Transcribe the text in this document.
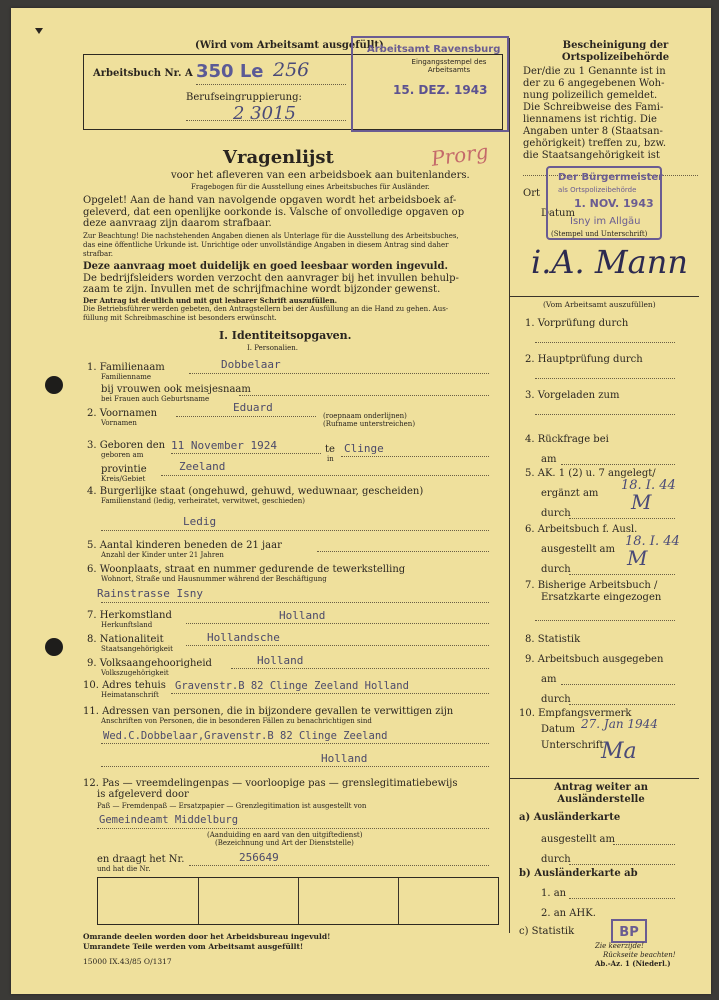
(Wird vom Arbeitsamt ausgefüllt)
Arbeitsbuch Nr. A 350 Le 256
Berufseingruppierung:
2 3015
Arbeitsamt Ravensburg
Eingangsstempel des Arbeitsamts
15. DEZ. 1943
Bescheinigung der Ortspolizeibehörde
Der/die zu 1 Genannte ist in
der zu 6 angegebenen Woh-
nung polizeilich gemeldet.
Die Schreibweise des Fami-
liennamens ist richtig. Die
Angaben unter 8 (Staatsan-
gehörigkeit) treffen zu, bzw.
die Staatsangehörigkeit ist
Ort
Datum
Der Bürgermeister
als Ortspolizeibehörde
1. NOV. 1943
Isny im Allgäu
(Stempel und Unterschrift)
i.A. Mann
Vragenlijst
voor het afleveren van een arbeidsboek aan buitenlanders.
Fragebogen für die Ausstellung eines Arbeitsbuches für Ausländer.
Prorg
Opgelet! Aan de hand van navolgende opgaven wordt het arbeidsboek af-
geleverd, dat een openlijke oorkonde is. Valsche of onvolledige opgaven op
deze aanvraag zijn daarom strafbaar.
Zur Beachtung! Die nachstehenden Angaben dienen als Unterlage für die Ausstellung des Arbeitsbuches,
das eine öffentliche Urkunde ist. Unrichtige oder unvollständige Angaben in diesem Antrag sind daher
strafbar.
Deze aanvraag moet duidelijk en goed leesbaar worden ingevuld.
De bedrijfsleiders worden verzocht den aanvrager bij het invullen behulp-
zaam te zijn. Invullen met de schrijfmachine wordt bijzonder gewenst.
Der Antrag ist deutlich und mit gut lesbarer Schrift auszufüllen.
Die Betriebsführer werden gebeten, den Antragstellern bei der Ausfüllung an die Hand zu gehen. Aus-
füllung mit Schreibmaschine ist besonders erwünscht.
I. Identiteitsopgaven.
I. Personalien.
1. Familienaam
Familienname
Dobbelaar
bij vrouwen ook meisjesnaam
bei Frauen auch Geburtsname
2. Voornamen
Vornamen
Eduard
(roepnaam onderlijnen)
(Rufname unterstreichen)
3. Geboren den
geboren am
11 November 1924	te
in
Clinge
provintie
Kreis/Gebiet
Zeeland
4. Burgerlijke staat (ongehuwd, gehuwd, weduwnaar, gescheiden)
Familienstand (ledig, verheiratet, verwitwet, geschieden)
Ledig
5. Aantal kinderen beneden de 21 jaar
Anzahl der Kinder unter 21 Jahren
6. Woonplaats, straat en nummer gedurende de tewerkstelling
Wohnort, Straße und Hausnummer während der Beschäftigung
Rainstrasse Isny
7. Herkomstland
Herkunftsland
Holland
8. Nationaliteit
Staatsangehörigkeit
Hollandsche
9. Volksaangehoorigheid
Volkszugehörigkeit
Holland
10. Adres tehuis
Heimatanschrift
Gravenstr.B 82 Clinge Zeeland Holland
11. Adressen van personen, die in bijzondere gevallen te verwittigen zijn
Anschriften von Personen, die in besonderen Fällen zu benachrichtigen sind
Wed.C.Dobbelaar,Gravenstr.B 82 Clinge Zeeland
Holland
12. Pas — vreemdelingenpas — voorloopige pas — grenslegitimatiebewijs
is afgeleverd door
Paß — Fremdenpaß — Ersatzpapier — Grenzlegitimation ist ausgestellt von
Gemeindeamt Middelburg
(Aanduiding en aard van den uitgiftedienst)
(Bezeichnung und Art der Dienststelle)
en draagt het Nr.
und hat die Nr.
256649
Omrande deelen worden door het Arbeidsbureau ingevuld!
Umrandete Teile werden vom Arbeitsamt ausgefüllt!
15000 IX.43/85 O/1317
(Vom Arbeitsamt auszufüllen)
1. Vorprüfung durch
2. Hauptprüfung durch
3. Vorgeladen zum
4. Rückfrage bei
am
5. AK. 1 (2) u. 7 angelegt/
ergänzt am
18. I. 44
durch	M
6. Arbeitsbuch f. Ausl.
ausgestellt am
18. I. 44
durch	M
7. Bisherige Arbeitsbuch /
Ersatzkarte eingezogen
8. Statistik
9. Arbeitsbuch ausgegeben
am
durch
10. Empfangsvermerk
Datum 27. Jan 1944
Unterschrift
Ma
Antrag weiter an Ausländerstelle
a) Ausländerkarte
ausgestellt am
durch
b) Ausländerkarte ab
1. an
2. an AHK.
c) Statistik	BP
Zie keerzijde!
Rückseite beachten!
Ab.-Az. 1 (Niederl.)
